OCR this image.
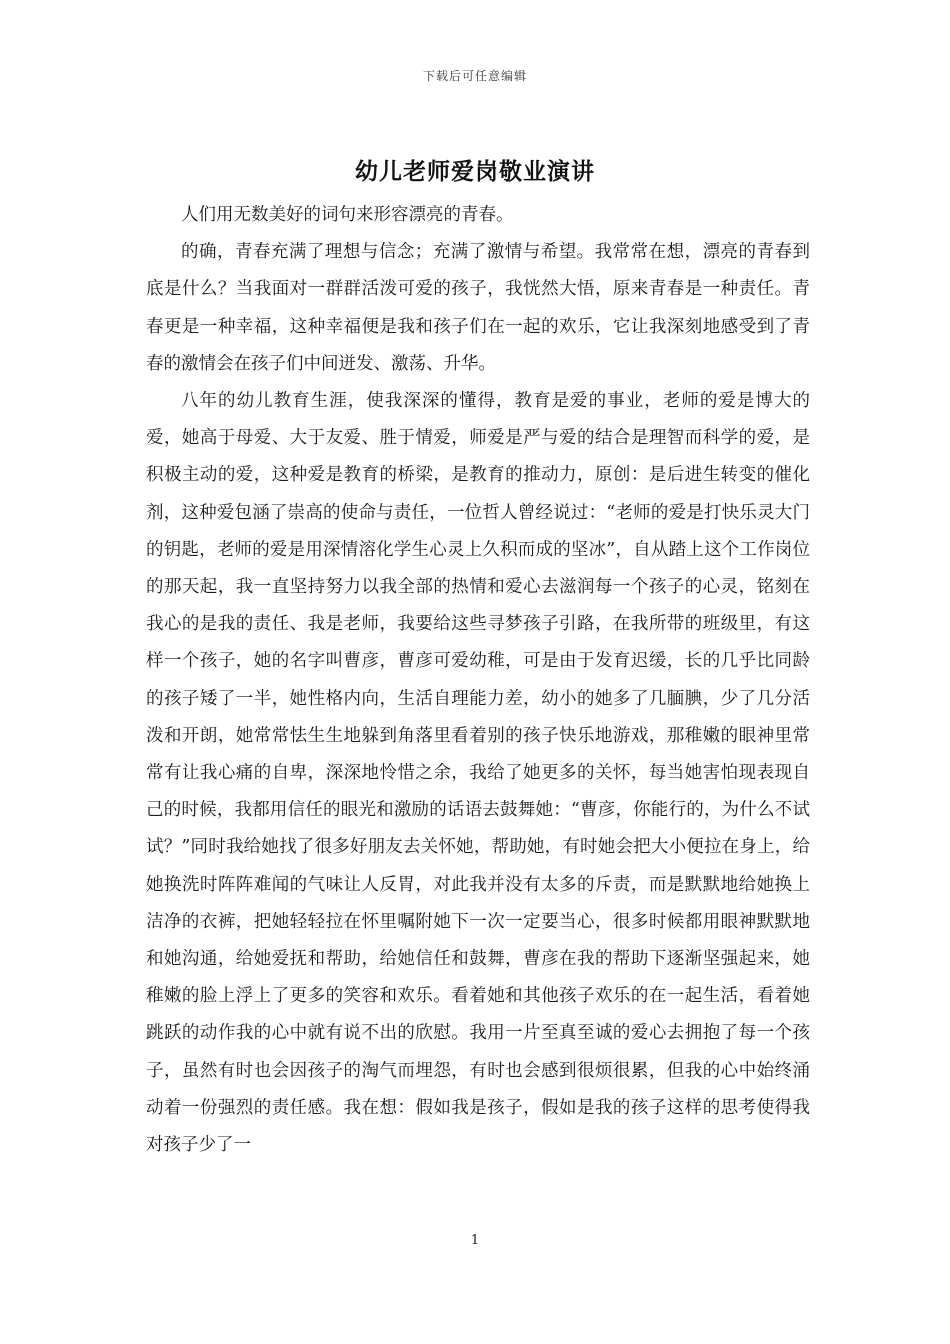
下载后可任意编辑
幼儿老师爱岗敬业演讲

人们用无数美好的词句来形容漂亮的青春。

的确，青春充满了理想与信念；充满了激情与希望。我常常在想，漂亮的青春到底是什么？当我面对一群群活泼可爱的孩子，我恍然大悟，原来青春是一种责任。青春更是一种幸福，这种幸福便是我和孩子们在一起的欢乐，它让我深刻地感受到了青春的激情会在孩子们中间迸发、激荡、升华。

八年的幼儿教育生涯，使我深深的懂得，教育是爱的事业，老师的爱是博大的爱，她高于母爱、大于友爱、胜于情爱，师爱是严与爱的结合是理智而科学的爱，是积极主动的爱，这种爱是教育的桥梁，是教育的推动力，原创：是后进生转变的催化剂，这种爱包涵了崇高的使命与责任，一位哲人曾经说过：“老师的爱是打快乐灵大门的钥匙，老师的爱是用深情溶化学生心灵上久积而成的坚冰”，自从踏上这个工作岗位的那天起，我一直坚持努力以我全部的热情和爱心去滋润每一个孩子的心灵，铭刻在我心的是我的责任、我是老师，我要给这些寻梦孩子引路，在我所带的班级里，有这样一个孩子，她的名字叫曹彦，曹彦可爱幼稚，可是由于发育迟缓，长的几乎比同龄的孩子矮了一半，她性格内向，生活自理能力差，幼小的她多了几腼腆，少了几分活泼和开朗，她常常怯生生地躲到角落里看着别的孩子快乐地游戏，那稚嫩的眼神里常常有让我心痛的自卑，深深地怜惜之余，我给了她更多的关怀，每当她害怕现表现自己的时候，我都用信任的眼光和激励的话语去鼓舞她：“曹彦，你能行的，为什么不试试？”同时我给她找了很多好朋友去关怀她，帮助她，有时她会把大小便拉在身上，给她换洗时阵阵难闻的气味让人反胃，对此我并没有太多的斥责，而是默默地给她换上洁净的衣裤，把她轻轻拉在怀里嘱附她下一次一定要当心，很多时候都用眼神默默地和她沟通，给她爱抚和帮助，给她信任和鼓舞，曹彦在我的帮助下逐渐坚强起来，她稚嫩的脸上浮上了更多的笑容和欢乐。看着她和其他孩子欢乐的在一起生活，看着她跳跃的动作我的心中就有说不出的欣慰。我用一片至真至诚的爱心去拥抱了每一个孩子，虽然有时也会因孩子的淘气而埋怨，有时也会感到很烦很累，但我的心中始终涌动着一份强烈的责任感。我在想：假如我是孩子，假如是我的孩子这样的思考使得我对孩子少了一

1
